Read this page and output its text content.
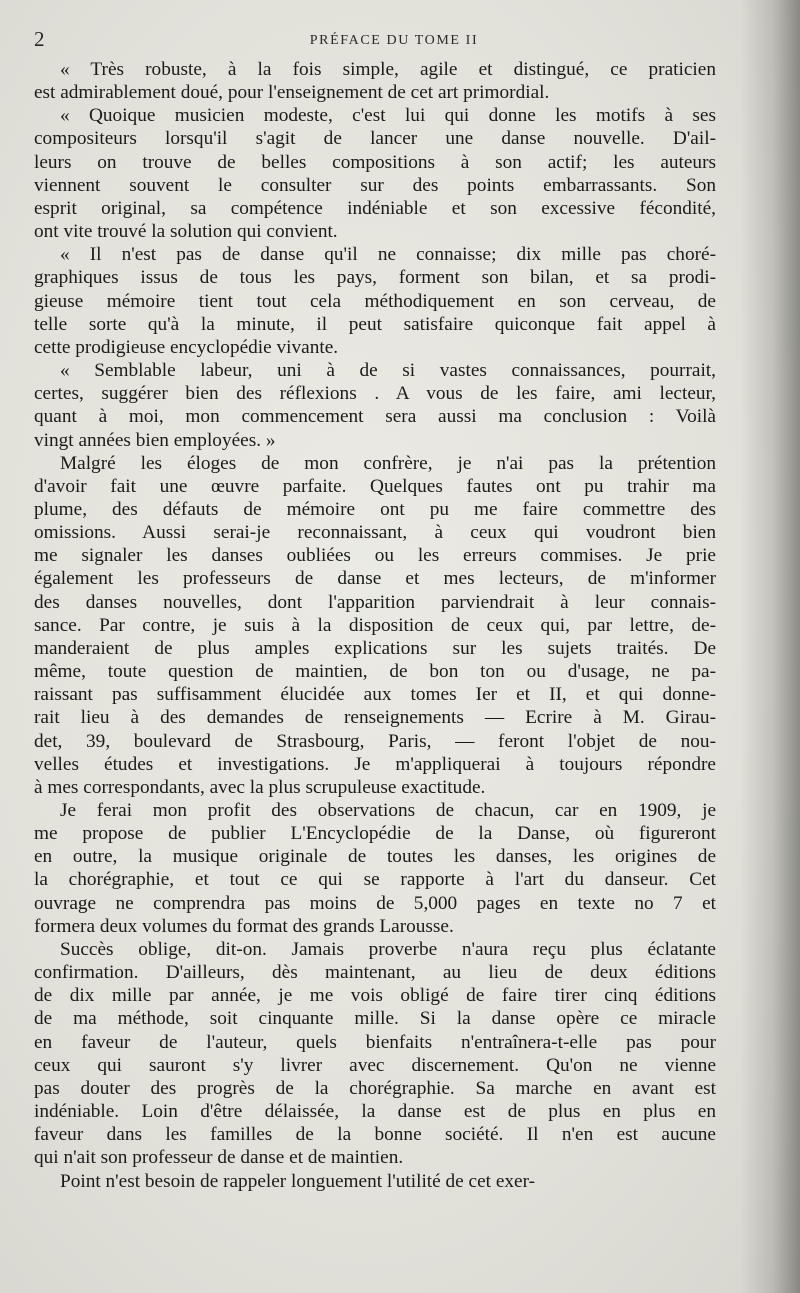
2	PRÉFACE DU TOME II
« Très robuste, à la fois simple, agile et distingué, ce praticien
est admirablement doué, pour l'enseignement de cet art primordial.
« Quoique musicien modeste, c'est lui qui donne les motifs à ses
compositeurs lorsqu'il s'agit de lancer une danse nouvelle. D'ail-
leurs on trouve de belles compositions à son actif; les auteurs
viennent souvent le consulter sur des points embarrassants. Son
esprit original, sa compétence indéniable et son excessive fécondité,
ont vite trouvé la solution qui convient.
« Il n'est pas de danse qu'il ne connaisse; dix mille pas choré-
graphiques issus de tous les pays, forment son bilan, et sa prodi-
gieuse mémoire tient tout cela méthodiquement en son cerveau, de
telle sorte qu'à la minute, il peut satisfaire quiconque fait appel à
cette prodigieuse encyclopédie vivante.
« Semblable labeur, uni à de si vastes connaissances, pourrait,
certes, suggérer bien des réflexions . A vous de les faire, ami lecteur,
quant à moi, mon commencement sera aussi ma conclusion : Voilà
vingt années bien employées. »
Malgré les éloges de mon confrère, je n'ai pas la prétention
d'avoir fait une œuvre parfaite. Quelques fautes ont pu trahir ma
plume, des défauts de mémoire ont pu me faire commettre des
omissions. Aussi serai-je reconnaissant, à ceux qui voudront bien
me signaler les danses oubliées ou les erreurs commises. Je prie
également les professeurs de danse et mes lecteurs, de m'informer
des danses nouvelles, dont l'apparition parviendrait à leur connais-
sance. Par contre, je suis à la disposition de ceux qui, par lettre, de-
manderaient de plus amples explications sur les sujets traités. De
même, toute question de maintien, de bon ton ou d'usage, ne pa-
raissant pas suffisamment élucidée aux tomes Ier et II, et qui donne-
rait lieu à des demandes de renseignements — Ecrire à M. Girau-
det, 39, boulevard de Strasbourg, Paris, — feront l'objet de nou-
velles études et investigations. Je m'appliquerai à toujours répondre
à mes correspondants, avec la plus scrupuleuse exactitude.
Je ferai mon profit des observations de chacun, car en 1909, je
me propose de publier L'Encyclopédie de la Danse, où figureront
en outre, la musique originale de toutes les danses, les origines de
la chorégraphie, et tout ce qui se rapporte à l'art du danseur. Cet
ouvrage ne comprendra pas moins de 5,000 pages en texte no 7 et
formera deux volumes du format des grands Larousse.
Succès oblige, dit-on. Jamais proverbe n'aura reçu plus éclatante
confirmation. D'ailleurs, dès maintenant, au lieu de deux éditions
de dix mille par année, je me vois obligé de faire tirer cinq éditions
de ma méthode, soit cinquante mille. Si la danse opère ce miracle
en faveur de l'auteur, quels bienfaits n'entraînera-t-elle pas pour
ceux qui sauront s'y livrer avec discernement. Qu'on ne vienne
pas douter des progrès de la chorégraphie. Sa marche en avant est
indéniable. Loin d'être délaissée, la danse est de plus en plus en
faveur dans les familles de la bonne société. Il n'en est aucune
qui n'ait son professeur de danse et de maintien.
Point n'est besoin de rappeler longuement l'utilité de cet exer-
